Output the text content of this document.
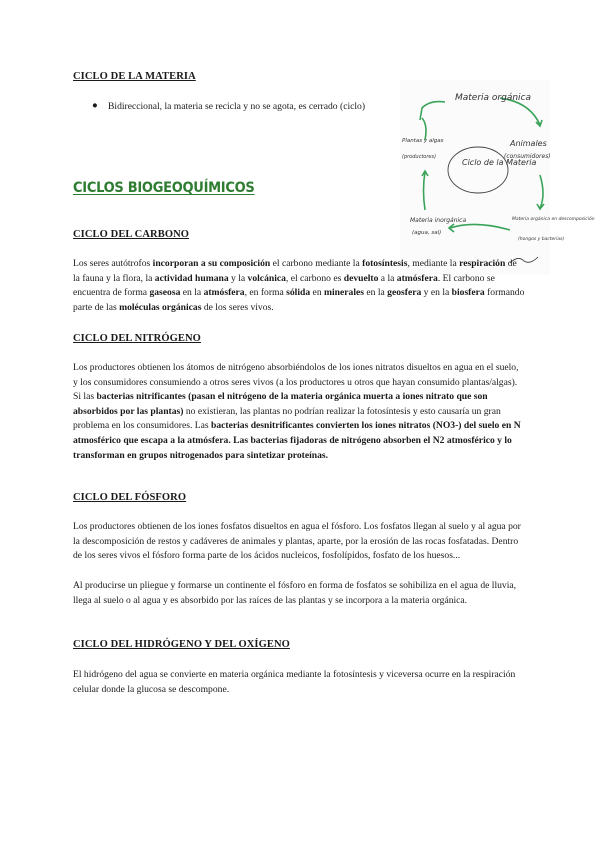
CICLO DE LA MATERIA
● Bidireccional, la materia se recicla y no se agota, es cerrado (ciclo)
Materia orgánica
Animales
(consumidores)
Plantas y algas
(productores)
Ciclo de la Materia
Materia inorgánica
(agua, sal)
Materia orgánica en descomposición
(hongos y bacterias)
CICLOS BIOGEOQUÍMICOS
CICLO DEL CARBONO
Los seres autótrofos incorporan a su composición el carbono mediante la fotosíntesis, mediante la respiración de la fauna y la flora, la actividad humana y la volcánica, el carbono es devuelto a la atmósfera. El carbono se encuentra de forma gaseosa en la atmósfera, en forma sólida en minerales en la geosfera y en la biosfera formando parte de las moléculas orgánicas de los seres vivos.
CICLO DEL NITRÓGENO
Los productores obtienen los átomos de nitrógeno absorbiéndolos de los iones nitratos disueltos en agua en el suelo, y los consumidores consumiendo a otros seres vivos (a los productores u otros que hayan consumido plantas/algas). Si las bacterias nitrificantes (pasan el nitrógeno de la materia orgánica muerta a iones nitrato que son absorbidos por las plantas) no existieran, las plantas no podrían realizar la fotosíntesis y esto causaría un gran problema en los consumidores. Las bacterias desnitrificantes convierten los iones nitratos (NO3-) del suelo en N atmosférico que escapa a la atmósfera. Las bacterias fijadoras de nitrógeno absorben el N2 atmosférico y lo transforman en grupos nitrogenados para sintetizar proteínas.
CICLO DEL FÓSFORO
Los productores obtienen de los iones fosfatos disueltos en agua el fósforo. Los fosfatos llegan al suelo y al agua por la descomposición de restos y cadáveres de animales y plantas, aparte, por la erosión de las rocas fosfatadas. Dentro de los seres vivos el fósforo forma parte de los ácidos nucleicos, fosfolípidos, fosfato de los huesos...
Al producirse un pliegue y formarse un continente el fósforo en forma de fosfatos se sohibiliza en el agua de lluvia, llega al suelo o al agua y es absorbido por las raíces de las plantas y se incorpora a la materia orgánica.
CICLO DEL HIDRÓGENO Y DEL OXÍGENO
El hidrógeno del agua se convierte en materia orgánica mediante la fotosíntesis y viceversa ocurre en la respiración celular donde la glucosa se descompone.
